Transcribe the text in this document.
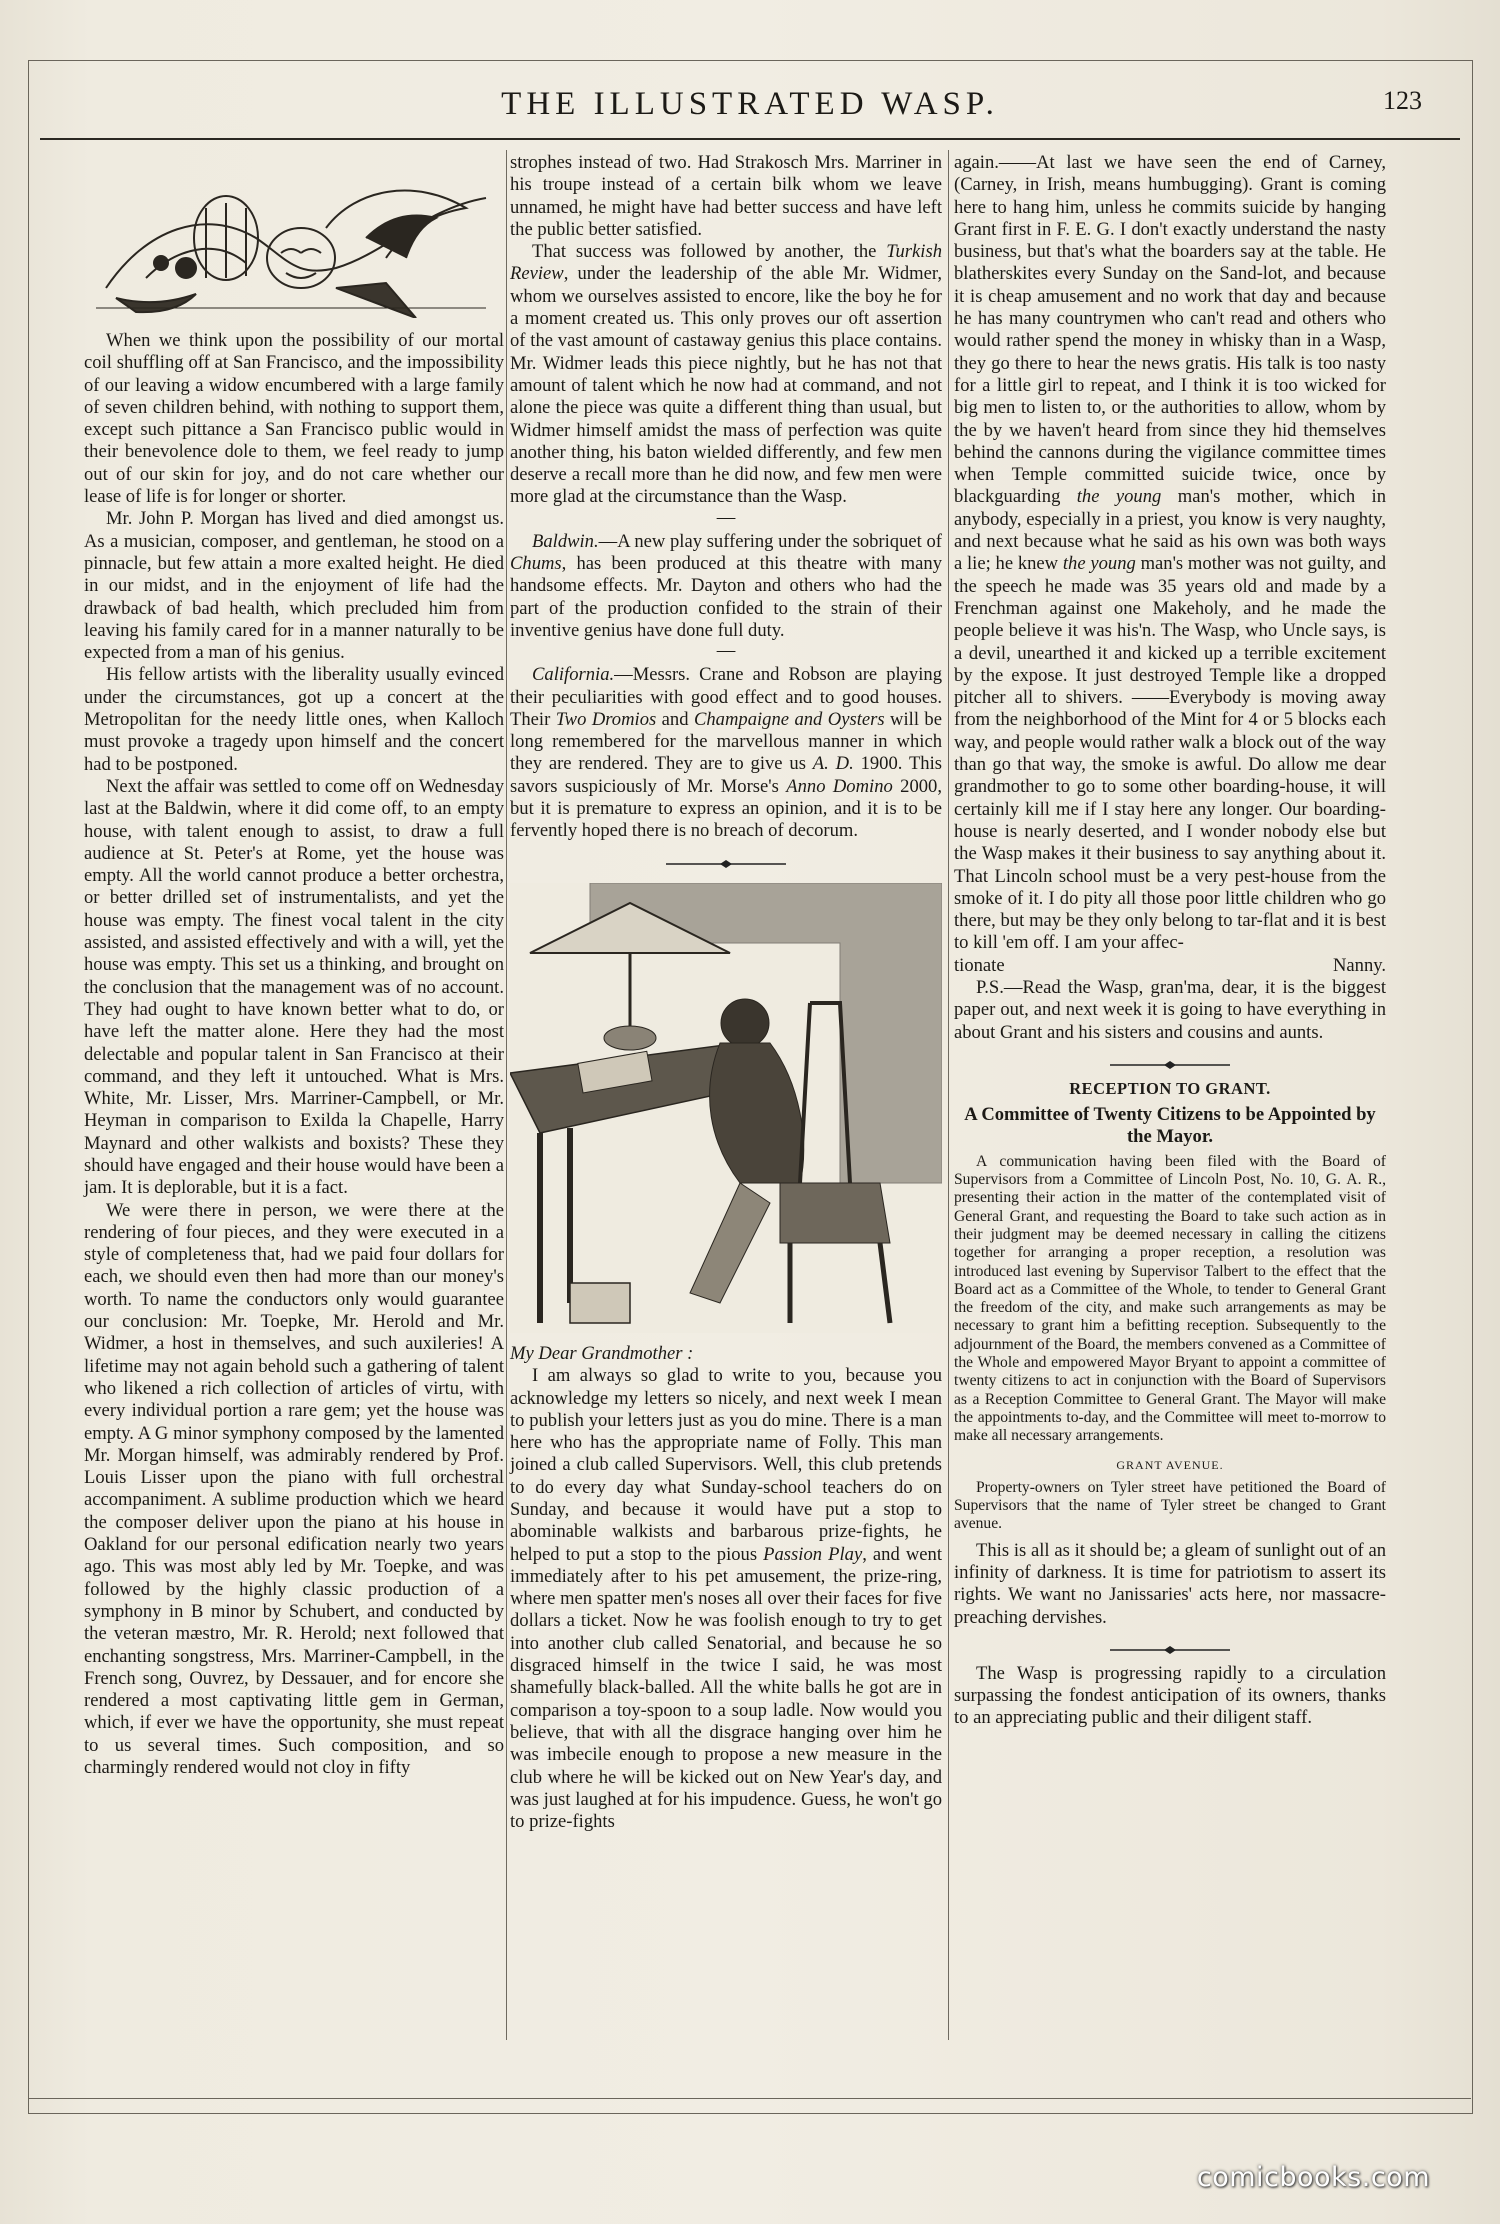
THE ILLUSTRATED WASP.	123

When we think upon the possibility of our mortal coil shuffling off at San Francisco, and the impossibility of our leaving a widow encumbered with a large family of seven children behind, with nothing to support them, except such pittance a San Francisco public would in their benevolence dole to them, we feel ready to jump out of our skin for joy, and do not care whether our lease of life is for longer or shorter.

Mr. John P. Morgan has lived and died amongst us. As a musician, composer, and gentleman, he stood on a pinnacle, but few attain a more exalted height. He died in our midst, and in the enjoyment of life had the drawback of bad health, which precluded him from leaving his family cared for in a manner naturally to be expected from a man of his genius.

His fellow artists with the liberality usually evinced under the circumstances, got up a concert at the Metropolitan for the needy little ones, when Kalloch must provoke a tragedy upon himself and the concert had to be postponed.

Next the affair was settled to come off on Wednesday last at the Baldwin, where it did come off, to an empty house, with talent enough to assist, to draw a full audience at St. Peter's at Rome, yet the house was empty. All the world cannot produce a better orchestra, or better drilled set of instrumentalists, and yet the house was empty. The finest vocal talent in the city assisted, and assisted effectively and with a will, yet the house was empty. This set us a thinking, and brought on the conclusion that the management was of no account. They had ought to have known better what to do, or have left the matter alone. Here they had the most delectable and popular talent in San Francisco at their command, and they left it untouched. What is Mrs. White, Mr. Lisser, Mrs. Marriner-Campbell, or Mr. Heyman in comparison to Exilda la Chapelle, Harry Maynard and other walkists and boxists? These they should have engaged and their house would have been a jam. It is deplorable, but it is a fact.

We were there in person, we were there at the rendering of four pieces, and they were executed in a style of completeness that, had we paid four dollars for each, we should even then had more than our money's worth. To name the conductors only would guarantee our conclusion: Mr. Toepke, Mr. Herold and Mr. Widmer, a host in themselves, and such auxileries! A lifetime may not again behold such a gathering of talent who likened a rich collection of articles of virtu, with every individual portion a rare gem; yet the house was empty. A G minor symphony composed by the lamented Mr. Morgan himself, was admirably rendered by Prof. Louis Lisser upon the piano with full orchestral accompaniment. A sublime production which we heard the composer deliver upon the piano at his house in Oakland for our personal edification nearly two years ago. This was most ably led by Mr. Toepke, and was followed by the highly classic production of a symphony in B minor by Schubert, and conducted by the veteran mæstro, Mr. R. Herold; next followed that enchanting songstress, Mrs. Marriner-Campbell, in the French song, Ouvrez, by Dessauer, and for encore she rendered a most captivating little gem in German, which, if ever we have the opportunity, she must repeat to us several times. Such composition, and so charmingly rendered would not cloy in fifty

strophes instead of two. Had Strakosch Mrs. Marriner in his troupe instead of a certain bilk whom we leave unnamed, he might have had better success and have left the public better satisfied.

That success was followed by another, the Turkish Review, under the leadership of the able Mr. Widmer, whom we ourselves assisted to encore, like the boy he for a moment created us. This only proves our oft assertion of the vast amount of castaway genius this place contains. Mr. Widmer leads this piece nightly, but he has not that amount of talent which he now had at command, and not alone the piece was quite a different thing than usual, but Widmer himself amidst the mass of perfection was quite another thing, his baton wielded differently, and few men deserve a recall more than he did now, and few men were more glad at the circumstance than the Wasp.

—

Baldwin.—A new play suffering under the sobriquet of Chums, has been produced at this theatre with many handsome effects. Mr. Dayton and others who had the part of the production confided to the strain of their inventive genius have done full duty.

—

California.—Messrs. Crane and Robson are playing their peculiarities with good effect and to good houses. Their Two Dromios and Champaigne and Oysters will be long remembered for the marvellous manner in which they are rendered. They are to give us A. D. 1900. This savors suspiciously of Mr. Morse's Anno Domino 2000, but it is premature to express an opinion, and it is to be fervently hoped there is no breach of decorum.

My Dear Grandmother :

I am always so glad to write to you, because you acknowledge my letters so nicely, and next week I mean to publish your letters just as you do mine. There is a man here who has the appropriate name of Folly. This man joined a club called Supervisors. Well, this club pretends to do every day what Sunday-school teachers do on Sunday, and because it would have put a stop to abominable walkists and barbarous prize-fights, he helped to put a stop to the pious Passion Play, and went immediately after to his pet amusement, the prize-ring, where men spatter men's noses all over their faces for five dollars a ticket. Now he was foolish enough to try to get into another club called Senatorial, and because he so disgraced himself in the twice I said, he was most shamefully black-balled. All the white balls he got are in comparison a toy-spoon to a soup ladle. Now would you believe, that with all the disgrace hanging over him he was imbecile enough to propose a new measure in the club where he will be kicked out on New Year's day, and was just laughed at for his impudence. Guess, he won't go to prize-fights

again.——At last we have seen the end of Carney, (Carney, in Irish, means humbugging). Grant is coming here to hang him, unless he commits suicide by hanging Grant first in F. E. G. I don't exactly understand the nasty business, but that's what the boarders say at the table. He blatherskites every Sunday on the Sand-lot, and because it is cheap amusement and no work that day and because he has many countrymen who can't read and others who would rather spend the money in whisky than in a Wasp, they go there to hear the news gratis. His talk is too nasty for a little girl to repeat, and I think it is too wicked for big men to listen to, or the authorities to allow, whom by the by we haven't heard from since they hid themselves behind the cannons during the vigilance committee times when Temple committed suicide twice, once by blackguarding the young man's mother, which in anybody, especially in a priest, you know is very naughty, and next because what he said as his own was both ways a lie; he knew the young man's mother was not guilty, and the speech he made was 35 years old and made by a Frenchman against one Makeholy, and he made the people believe it was his'n. The Wasp, who Uncle says, is a devil, unearthed it and kicked up a terrible excitement by the expose. It just destroyed Temple like a dropped pitcher all to shivers. ——Everybody is moving away from the neighborhood of the Mint for 4 or 5 blocks each way, and people would rather walk a block out of the way than go that way, the smoke is awful. Do allow me dear grandmother to go to some other boarding-house, it will certainly kill me if I stay here any longer. Our boarding-house is nearly deserted, and I wonder nobody else but the Wasp makes it their business to say anything about it. That Lincoln school must be a very pest-house from the smoke of it. I do pity all those poor little children who go there, but may be they only belong to tar-flat and it is best to kill 'em off. I am your affec-

tionate	Nanny.

P.S.—Read the Wasp, gran'ma, dear, it is the biggest paper out, and next week it is going to have everything in about Grant and his sisters and cousins and aunts.

RECEPTION TO GRANT.
A Committee of Twenty Citizens to be Appointed by the Mayor.

A communication having been filed with the Board of Supervisors from a Committee of Lincoln Post, No. 10, G. A. R., presenting their action in the matter of the contemplated visit of General Grant, and requesting the Board to take such action as in their judgment may be deemed necessary in calling the citizens together for arranging a proper reception, a resolution was introduced last evening by Supervisor Talbert to the effect that the Board act as a Committee of the Whole, to tender to General Grant the freedom of the city, and make such arrangements as may be necessary to grant him a befitting reception. Subsequently to the adjournment of the Board, the members convened as a Committee of the Whole and empowered Mayor Bryant to appoint a committee of twenty citizens to act in conjunction with the Board of Supervisors as a Reception Committee to General Grant. The Mayor will make the appointments to-day, and the Committee will meet to-morrow to make all necessary arrangements.

GRANT AVENUE.

Property-owners on Tyler street have petitioned the Board of Supervisors that the name of Tyler street be changed to Grant avenue.

This is all as it should be; a gleam of sunlight out of an infinity of darkness. It is time for patriotism to assert its rights. We want no Janissaries' acts here, nor massacre-preaching dervishes.

The Wasp is progressing rapidly to a circulation surpassing the fondest anticipation of its owners, thanks to an appreciating public and their diligent staff.

comicbooks.com
